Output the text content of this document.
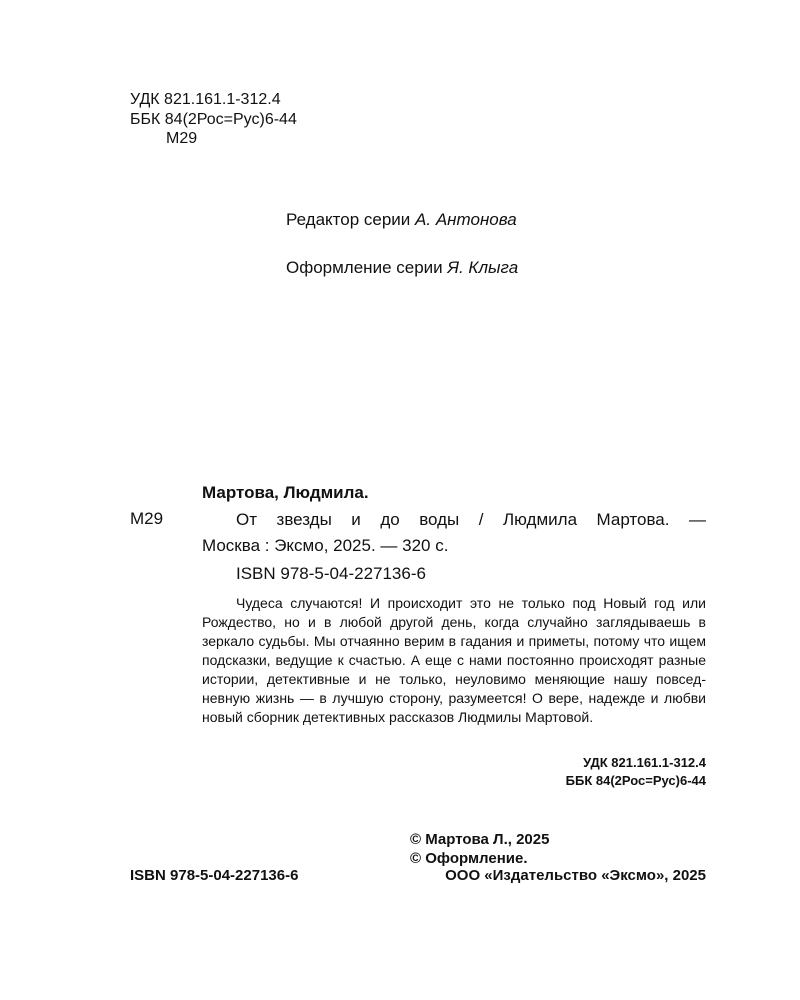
УДК 821.161.1-312.4
ББК 84(2Рос=Рус)6-44
М29
Редактор серии А. Антонова
Оформление серии Я. Клыга
Мартова, Людмила.
М29	От звезды и до воды / Людмила Мартова. —
Москва : Эксмо, 2025. — 320 с.
ISBN 978-5-04-227136-6
Чудеса случаются! И происходит это не только под Новый год или Рождество, но и в любой другой день, когда случайно заглядываешь в зеркало судьбы. Мы отчаянно верим в гадания и приметы, потому что ищем подсказки, ведущие к счастью. А еще с нами постоянно происходят разные истории, детективные и не только, неуловимо меняющие нашу повседневную жизнь — в лучшую сторону, разумеется! О вере, надежде и любви новый сборник детективных рассказов Людмилы Мартовой.
УДК 821.161.1-312.4
ББК 84(2Рос=Рус)6-44
© Мартова Л., 2025
© Оформление.
ООО «Издательство «Эксмо», 2025
ISBN 978-5-04-227136-6
